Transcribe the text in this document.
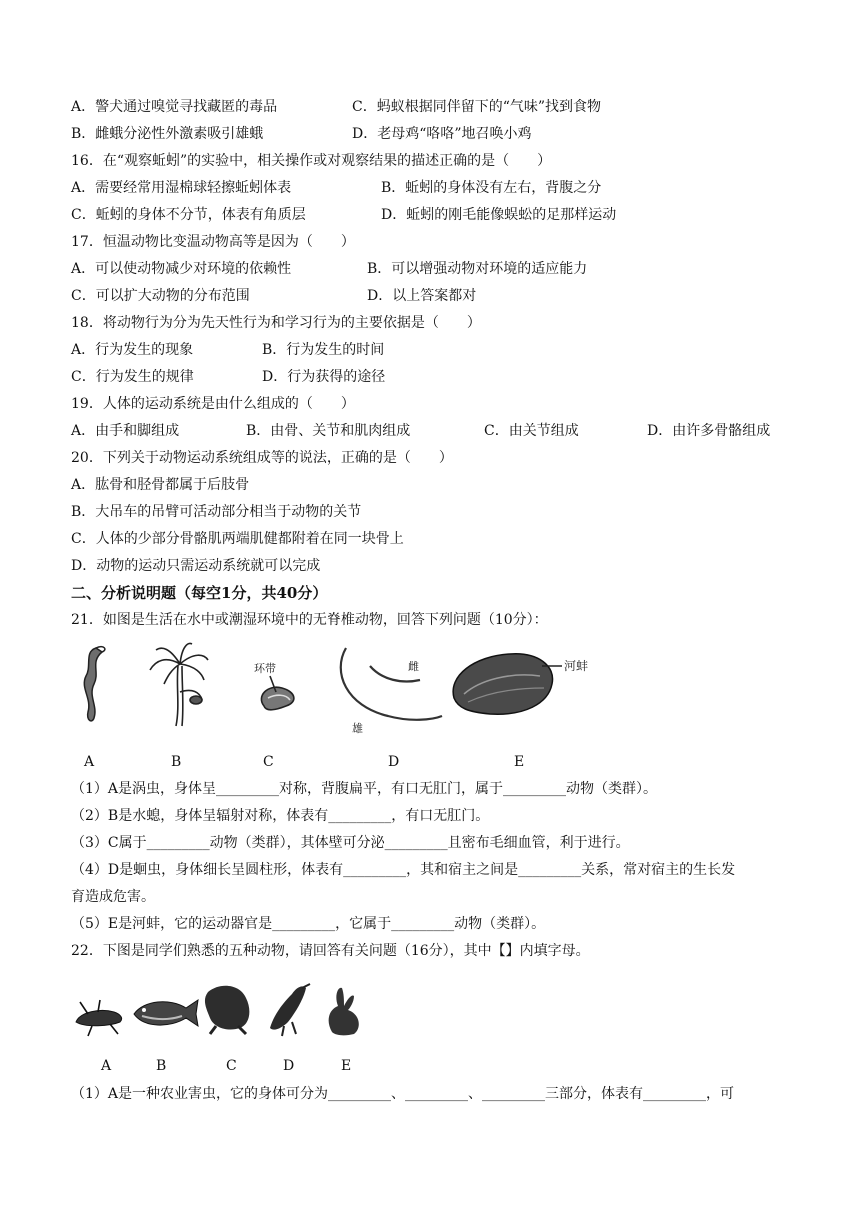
A．警犬通过嗅觉寻找藏匿的毒品	C．蚂蚁根据同伴留下的“气味”找到食物
B．雌蛾分泌性外激素吸引雄蛾	D．老母鸡“咯咯”地召唤小鸡
16．在“观察蚯蚓”的实验中，相关操作或对观察结果的描述正确的是（　　）
A．需要经常用湿棉球轻擦蚯蚓体表	B．蚯蚓的身体没有左右，背腹之分
C．蚯蚓的身体不分节，体表有角质层	D．蚯蚓的刚毛能像蜈蚣的足那样运动
17．恒温动物比变温动物高等是因为（　　）
A．可以使动物减少对环境的依赖性	B．可以增强动物对环境的适应能力
C．可以扩大动物的分布范围	D．以上答案都对
18．将动物行为分为先天性行为和学习行为的主要依据是（　　）
A．行为发生的现象	B．行为发生的时间
C．行为发生的规律	D．行为获得的途径
19．人体的运动系统是由什么组成的（　　）
A．由手和脚组成	B．由骨、关节和肌肉组成	C．由关节组成	D．由许多骨骼组成
20．下列关于动物运动系统组成等的说法，正确的是（　　）
A．肱骨和胫骨都属于后肢骨
B．大吊车的吊臂可活动部分相当于动物的关节
C．人体的少部分骨骼肌两端肌健都附着在同一块骨上
D．动物的运动只需运动系统就可以完成
二、分析说明题（每空1分，共40分）
21．如图是生活在水中或潮湿环境中的无脊椎动物，回答下列问题（10分）：
环带	雌
雄
河蚌
A	B	C	D	E
（1）A是涡虫，身体呈_________对称，背腹扁平，有口无肛门，属于_________动物（类群）。
（2）B是水螅，身体呈辐射对称，体表有_________，有口无肛门。
（3）C属于_________动物（类群），其体壁可分泌_________且密布毛细血管，利于进行。
（4）D是蛔虫，身体细长呈圆柱形，体表有_________，其和宿主之间是_________关系，常对宿主的生长发
育造成危害。
（5）E是河蚌，它的运动器官是_________，它属于_________动物（类群）。
22．下图是同学们熟悉的五种动物，请回答有关问题（16分），其中【】内填字母。
A	B	C	D	E
（1）A是一种农业害虫，它的身体可分为_________、_________、_________三部分，体表有_________，可
